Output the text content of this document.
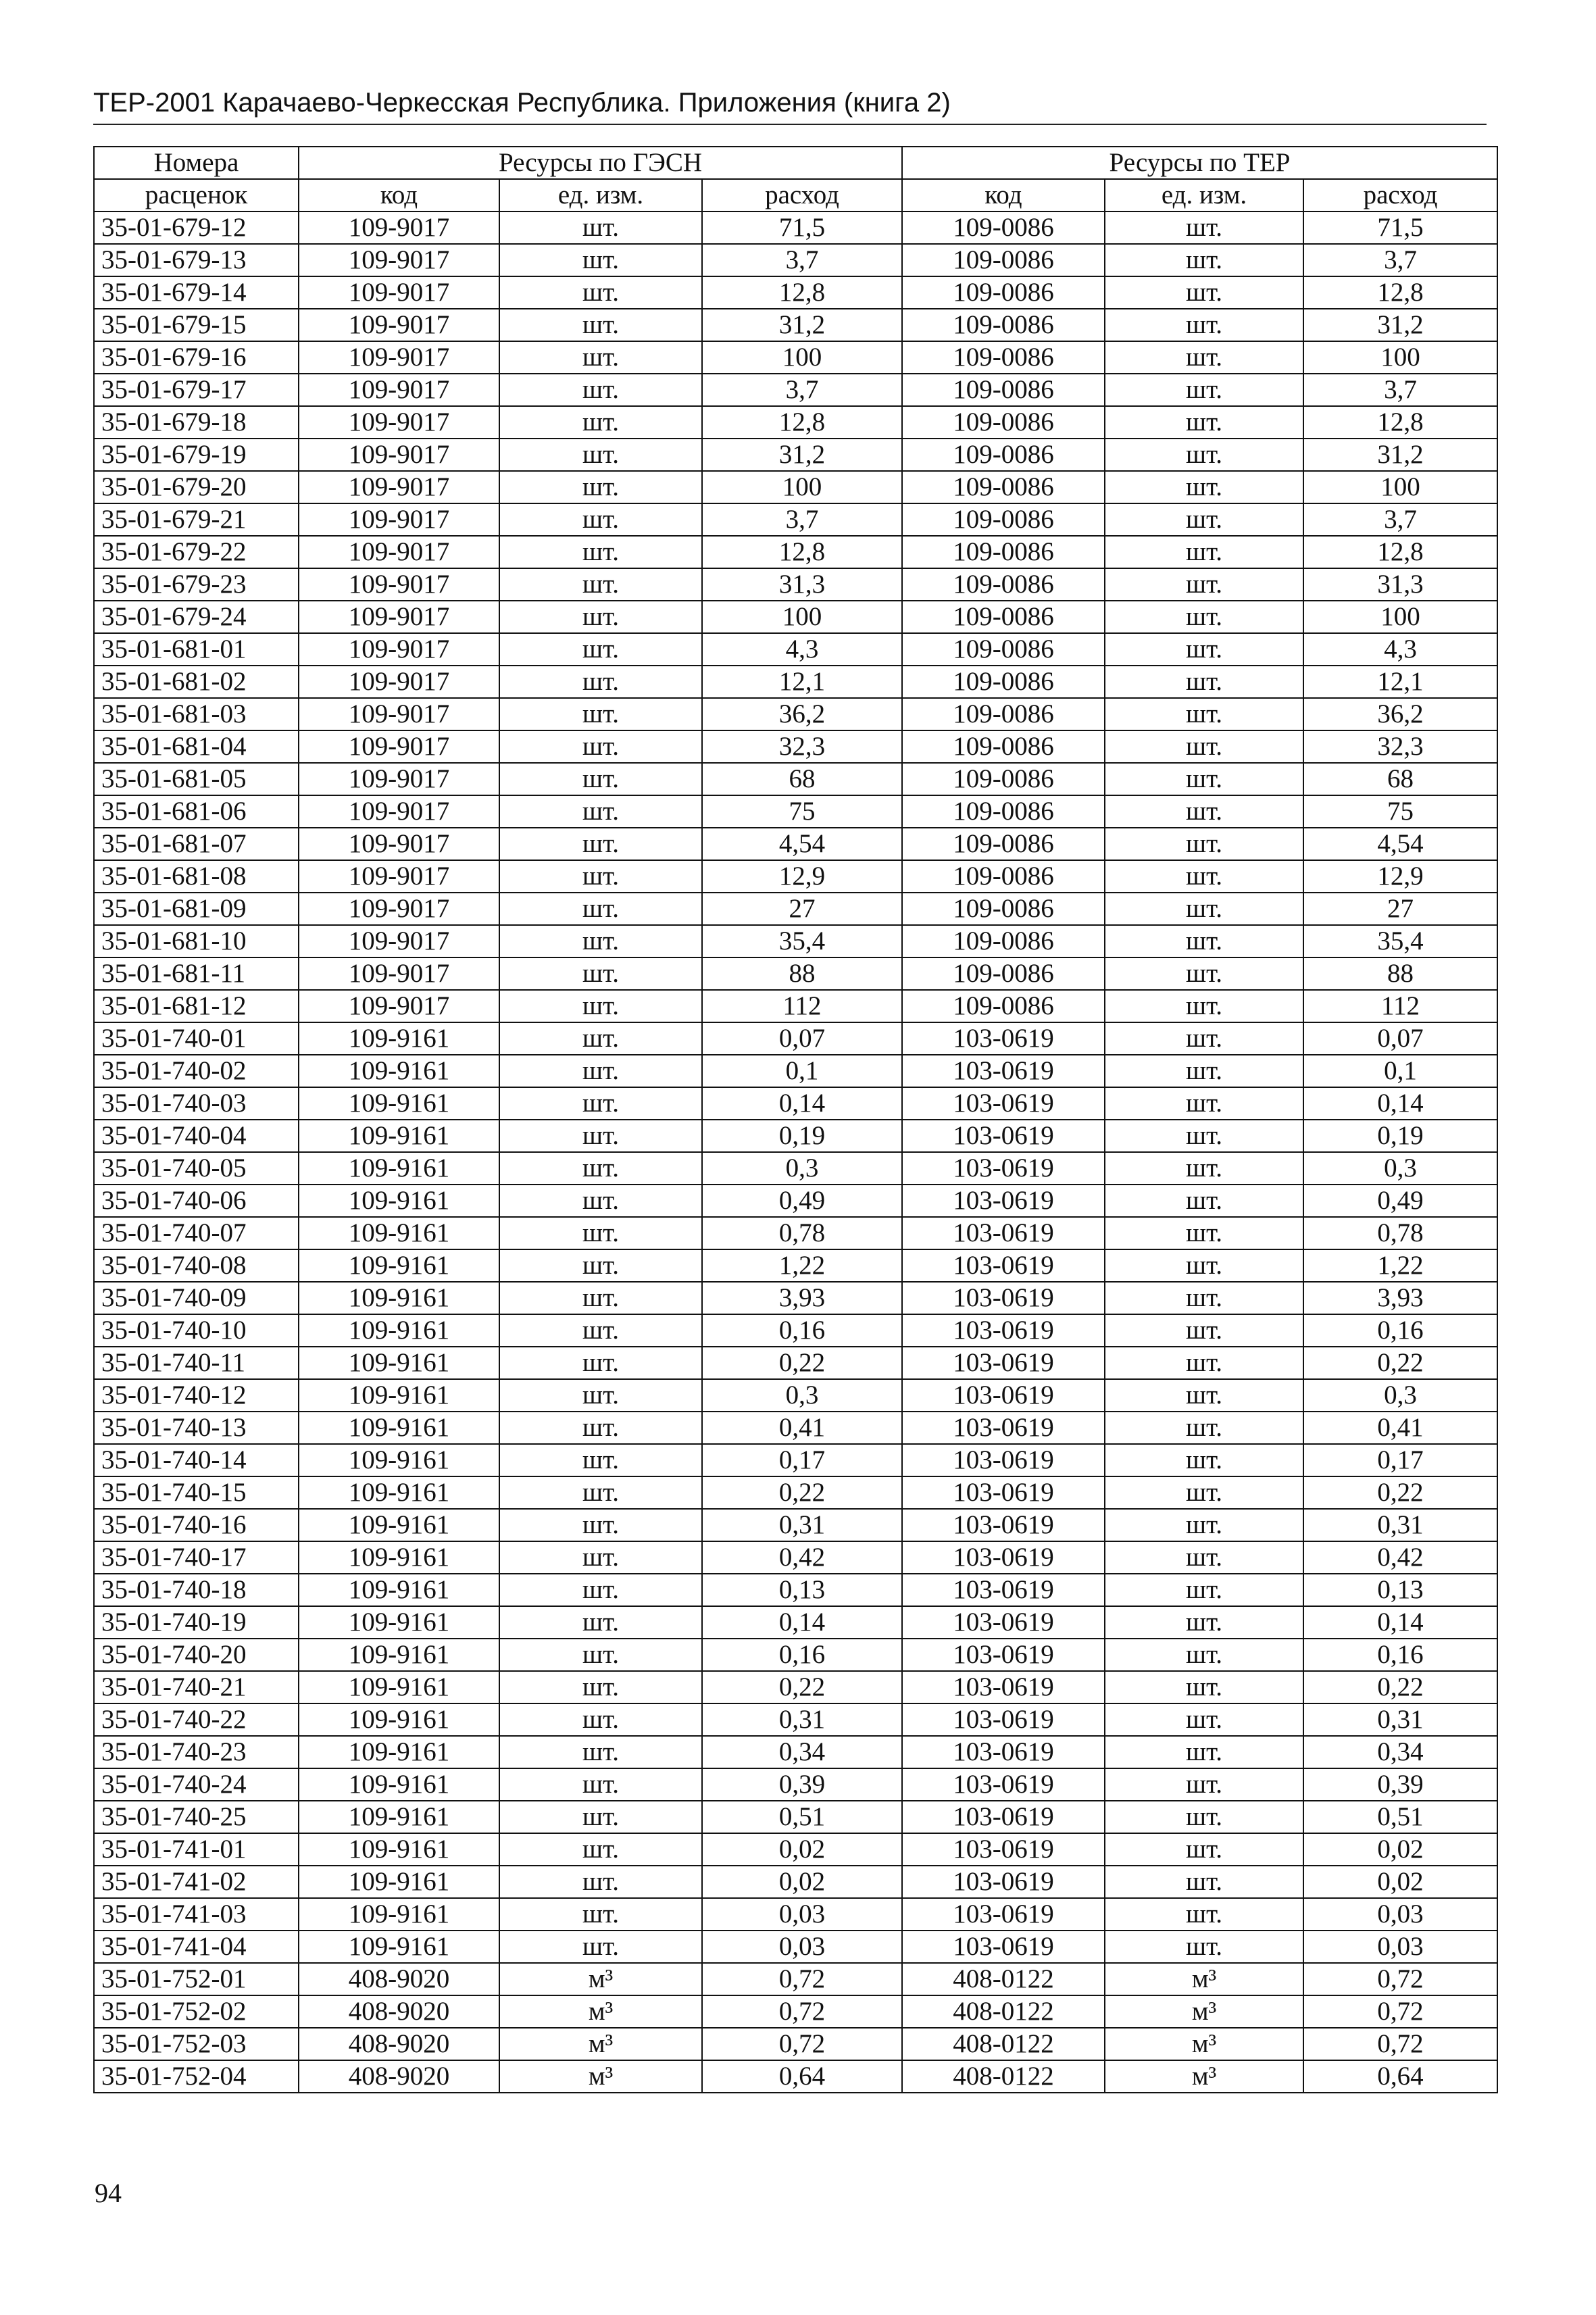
ТЕР-2001 Карачаево-Черкесская Республика. Приложения (книга 2)
Номера	Ресурсы по ГЭСН			Ресурсы по ТЕР		
расценок	код	ед. изм.	расход	код	ед. изм.	расход
35-01-679-12	109-9017	шт.	71,5	109-0086	шт.	71,5
35-01-679-13	109-9017	шт.	3,7	109-0086	шт.	3,7
35-01-679-14	109-9017	шт.	12,8	109-0086	шт.	12,8
35-01-679-15	109-9017	шт.	31,2	109-0086	шт.	31,2
35-01-679-16	109-9017	шт.	100	109-0086	шт.	100
35-01-679-17	109-9017	шт.	3,7	109-0086	шт.	3,7
35-01-679-18	109-9017	шт.	12,8	109-0086	шт.	12,8
35-01-679-19	109-9017	шт.	31,2	109-0086	шт.	31,2
35-01-679-20	109-9017	шт.	100	109-0086	шт.	100
35-01-679-21	109-9017	шт.	3,7	109-0086	шт.	3,7
35-01-679-22	109-9017	шт.	12,8	109-0086	шт.	12,8
35-01-679-23	109-9017	шт.	31,3	109-0086	шт.	31,3
35-01-679-24	109-9017	шт.	100	109-0086	шт.	100
35-01-681-01	109-9017	шт.	4,3	109-0086	шт.	4,3
35-01-681-02	109-9017	шт.	12,1	109-0086	шт.	12,1
35-01-681-03	109-9017	шт.	36,2	109-0086	шт.	36,2
35-01-681-04	109-9017	шт.	32,3	109-0086	шт.	32,3
35-01-681-05	109-9017	шт.	68	109-0086	шт.	68
35-01-681-06	109-9017	шт.	75	109-0086	шт.	75
35-01-681-07	109-9017	шт.	4,54	109-0086	шт.	4,54
35-01-681-08	109-9017	шт.	12,9	109-0086	шт.	12,9
35-01-681-09	109-9017	шт.	27	109-0086	шт.	27
35-01-681-10	109-9017	шт.	35,4	109-0086	шт.	35,4
35-01-681-11	109-9017	шт.	88	109-0086	шт.	88
35-01-681-12	109-9017	шт.	112	109-0086	шт.	112
35-01-740-01	109-9161	шт.	0,07	103-0619	шт.	0,07
35-01-740-02	109-9161	шт.	0,1	103-0619	шт.	0,1
35-01-740-03	109-9161	шт.	0,14	103-0619	шт.	0,14
35-01-740-04	109-9161	шт.	0,19	103-0619	шт.	0,19
35-01-740-05	109-9161	шт.	0,3	103-0619	шт.	0,3
35-01-740-06	109-9161	шт.	0,49	103-0619	шт.	0,49
35-01-740-07	109-9161	шт.	0,78	103-0619	шт.	0,78
35-01-740-08	109-9161	шт.	1,22	103-0619	шт.	1,22
35-01-740-09	109-9161	шт.	3,93	103-0619	шт.	3,93
35-01-740-10	109-9161	шт.	0,16	103-0619	шт.	0,16
35-01-740-11	109-9161	шт.	0,22	103-0619	шт.	0,22
35-01-740-12	109-9161	шт.	0,3	103-0619	шт.	0,3
35-01-740-13	109-9161	шт.	0,41	103-0619	шт.	0,41
35-01-740-14	109-9161	шт.	0,17	103-0619	шт.	0,17
35-01-740-15	109-9161	шт.	0,22	103-0619	шт.	0,22
35-01-740-16	109-9161	шт.	0,31	103-0619	шт.	0,31
35-01-740-17	109-9161	шт.	0,42	103-0619	шт.	0,42
35-01-740-18	109-9161	шт.	0,13	103-0619	шт.	0,13
35-01-740-19	109-9161	шт.	0,14	103-0619	шт.	0,14
35-01-740-20	109-9161	шт.	0,16	103-0619	шт.	0,16
35-01-740-21	109-9161	шт.	0,22	103-0619	шт.	0,22
35-01-740-22	109-9161	шт.	0,31	103-0619	шт.	0,31
35-01-740-23	109-9161	шт.	0,34	103-0619	шт.	0,34
35-01-740-24	109-9161	шт.	0,39	103-0619	шт.	0,39
35-01-740-25	109-9161	шт.	0,51	103-0619	шт.	0,51
35-01-741-01	109-9161	шт.	0,02	103-0619	шт.	0,02
35-01-741-02	109-9161	шт.	0,02	103-0619	шт.	0,02
35-01-741-03	109-9161	шт.	0,03	103-0619	шт.	0,03
35-01-741-04	109-9161	шт.	0,03	103-0619	шт.	0,03
35-01-752-01	408-9020	м³	0,72	408-0122	м³	0,72
35-01-752-02	408-9020	м³	0,72	408-0122	м³	0,72
35-01-752-03	408-9020	м³	0,72	408-0122	м³	0,72
35-01-752-04	408-9020	м³	0,64	408-0122	м³	0,64
94
